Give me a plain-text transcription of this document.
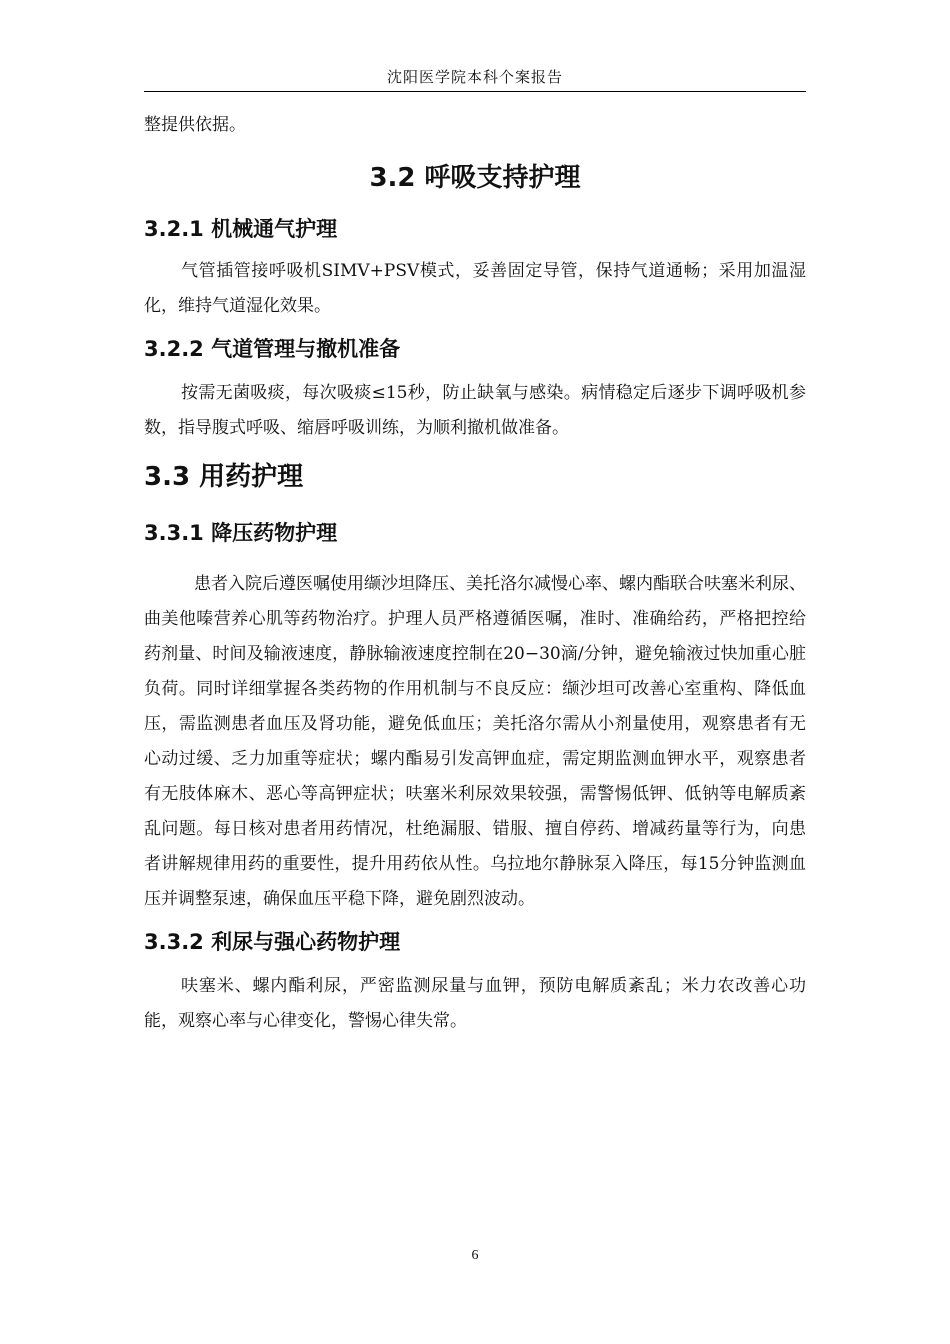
沈阳医学院本科个案报告

整提供依据。

3.2 呼吸支持护理
3.2.1 机械通气护理

气管插管接呼吸机SIMV+PSV模式，妥善固定导管，保持气道通畅；采用加温湿化，维持气道湿化效果。

3.2.2 气道管理与撤机准备

按需无菌吸痰，每次吸痰≤15秒，防止缺氧与感染。病情稳定后逐步下调呼吸机参数，指导腹式呼吸、缩唇呼吸训练，为顺利撤机做准备。

3.3 用药护理
3.3.1 降压药物护理

患者入院后遵医嘱使用缬沙坦降压、美托洛尔减慢心率、螺内酯联合呋塞米利尿、曲美他嗪营养心肌等药物治疗。护理人员严格遵循医嘱，准时、准确给药，严格把控给药剂量、时间及输液速度，静脉输液速度控制在20−30滴/分钟，避免输液过快加重心脏负荷。同时详细掌握各类药物的作用机制与不良反应：缬沙坦可改善心室重构、降低血压，需监测患者血压及肾功能，避免低血压；美托洛尔需从小剂量使用，观察患者有无心动过缓、乏力加重等症状；螺内酯易引发高钾血症，需定期监测血钾水平，观察患者有无肢体麻木、恶心等高钾症状；呋塞米利尿效果较强，需警惕低钾、低钠等电解质紊乱问题。每日核对患者用药情况，杜绝漏服、错服、擅自停药、增减药量等行为，向患者讲解规律用药的重要性，提升用药依从性。乌拉地尔静脉泵入降压，每15分钟监测血压并调整泵速，确保血压平稳下降，避免剧烈波动。

3.3.2 利尿与强心药物护理

呋塞米、螺内酯利尿，严密监测尿量与血钾，预防电解质紊乱；米力农改善心功能，观察心率与心律变化，警惕心律失常。

6
